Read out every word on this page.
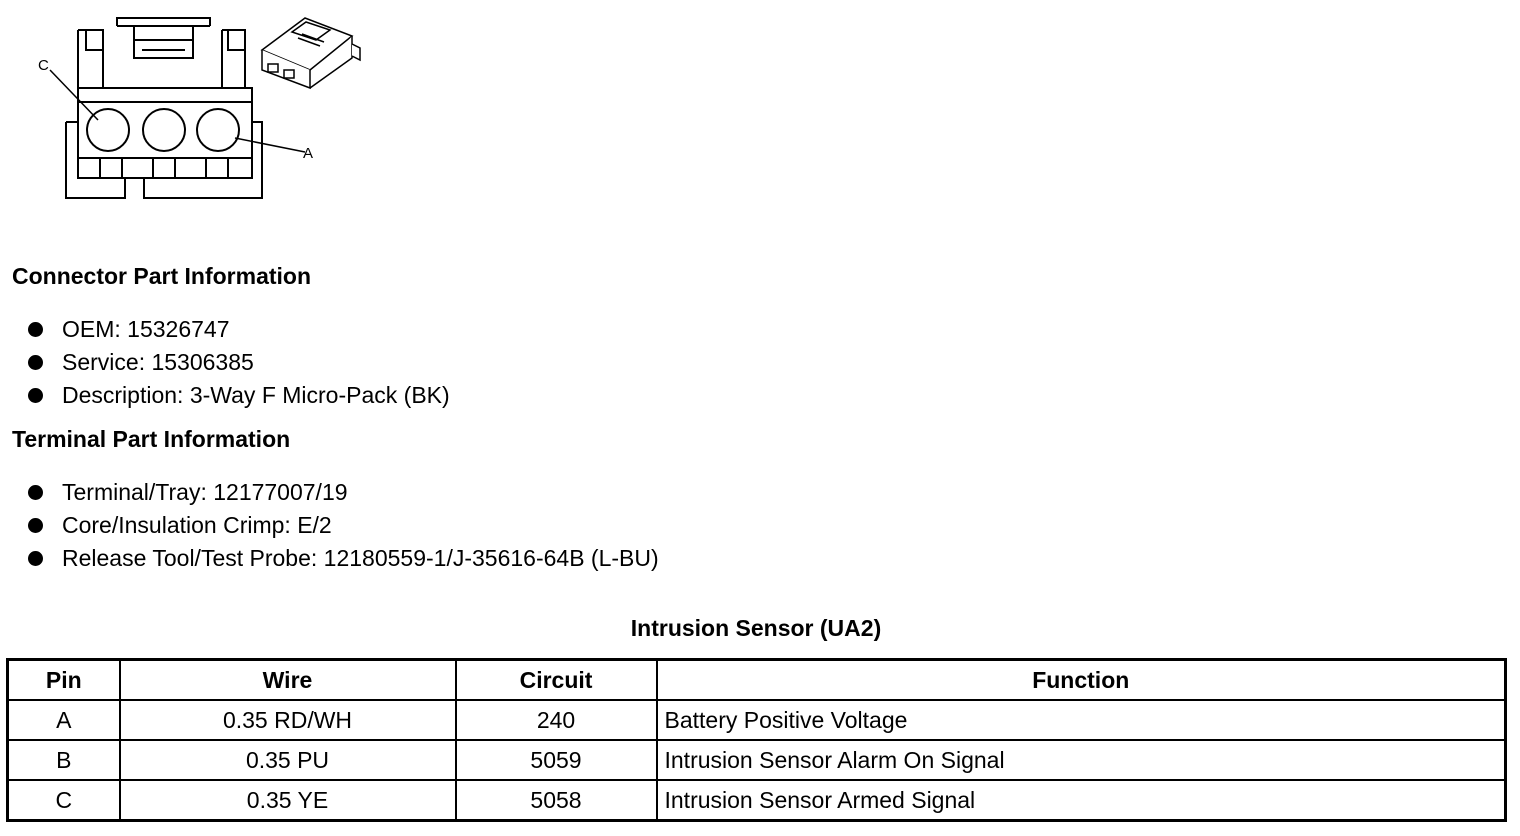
C
A
Connector Part Information
OEM: 15326747
Service: 15306385
Description: 3-Way F Micro-Pack (BK)
Terminal Part Information
Terminal/Tray: 12177007/19
Core/Insulation Crimp: E/2
Release Tool/Test Probe: 12180559-1/J-35616-64B (L-BU)
Intrusion Sensor (UA2)
Pin	Wire	Circuit	Function
A	0.35 RD/WH	240	Battery Positive Voltage
B	0.35 PU	5059	Intrusion Sensor Alarm On Signal
C	0.35 YE	5058	Intrusion Sensor Armed Signal
